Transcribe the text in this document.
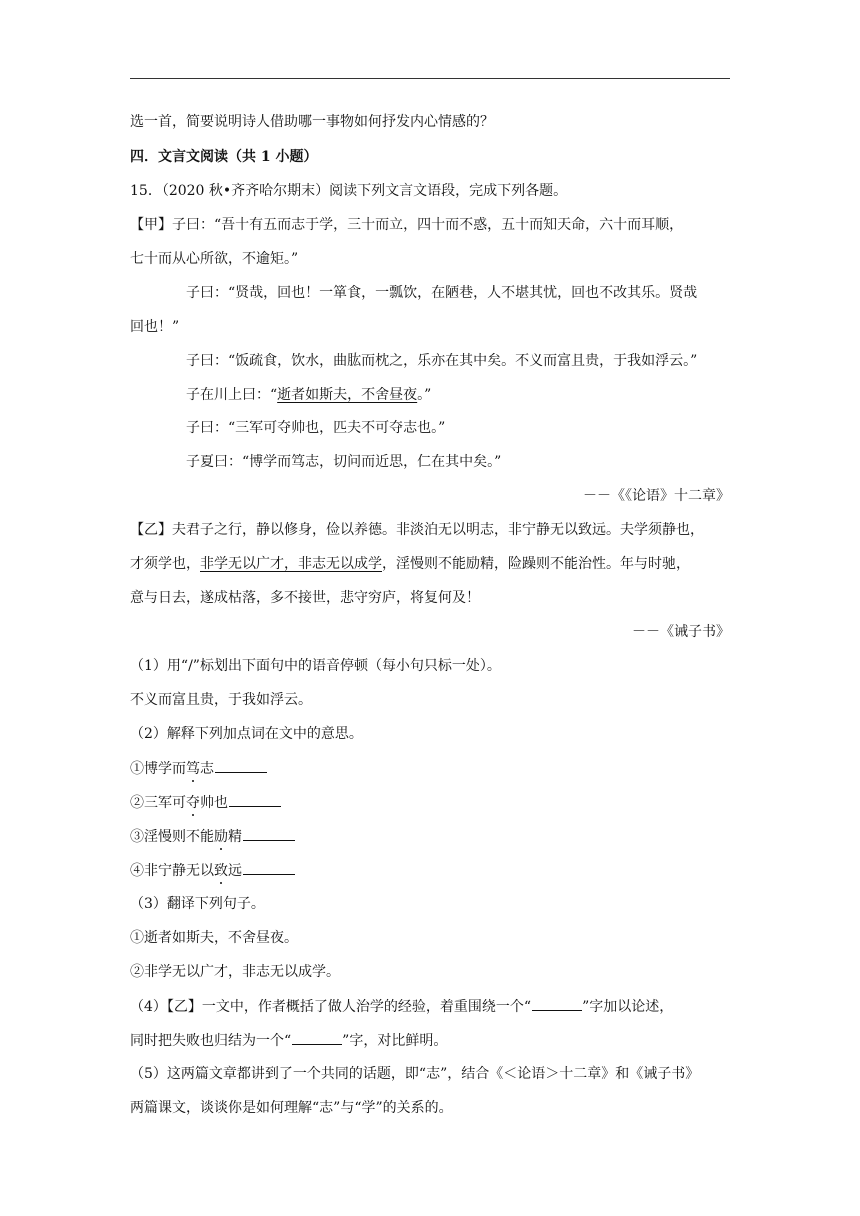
选一首，简要说明诗人借助哪一事物如何抒发内心情感的？
四．文言文阅读（共 1 小题）
15．（2020 秋•齐齐哈尔期末）阅读下列文言文语段，完成下列各题。
【甲】子曰：“吾十有五而志于学，三十而立，四十而不惑，五十而知天命，六十而耳顺，
七十而从心所欲，不逾矩。”
子曰：“贤哉，回也！一箪食，一瓢饮，在陋巷，人不堪其忧，回也不改其乐。贤哉
回也！”
子曰：“饭疏食，饮水，曲肱而枕之，乐亦在其中矣。不义而富且贵，于我如浮云。”
子在川上曰：“逝者如斯夫，不舍昼夜。”
子曰：“三军可夺帅也，匹夫不可夺志也。”
子夏曰：“博学而笃志，切问而近思，仁在其中矣。”
－－《《论语》十二章》
【乙】夫君子之行，静以修身，俭以养德。非淡泊无以明志，非宁静无以致远。夫学须静也，
才须学也，非学无以广才，非志无以成学，淫慢则不能励精，险躁则不能治性。年与时驰，
意与日去，遂成枯落，多不接世，悲守穷庐，将复何及！
－－《诫子书》
（1）用“/”标划出下面句中的语音停顿（每小句只标一处）。
不义而富且贵，于我如浮云。
（2）解释下列加点词在文中的意思。
①博学而笃志
②三军可夺帅也
③淫慢则不能励精
④非宁静无以致远
（3）翻译下列句子。
①逝者如斯夫，不舍昼夜。
②非学无以广才，非志无以成学。
（4）【乙】一文中，作者概括了做人治学的经验，着重围绕一个“	”字加以论述，
同时把失败也归结为一个“	”字，对比鲜明。
（5）这两篇文章都讲到了一个共同的话题，即“志”，结合《＜论语＞十二章》和《诫子书》
两篇课文，谈谈你是如何理解“志”与“学”的关系的。
